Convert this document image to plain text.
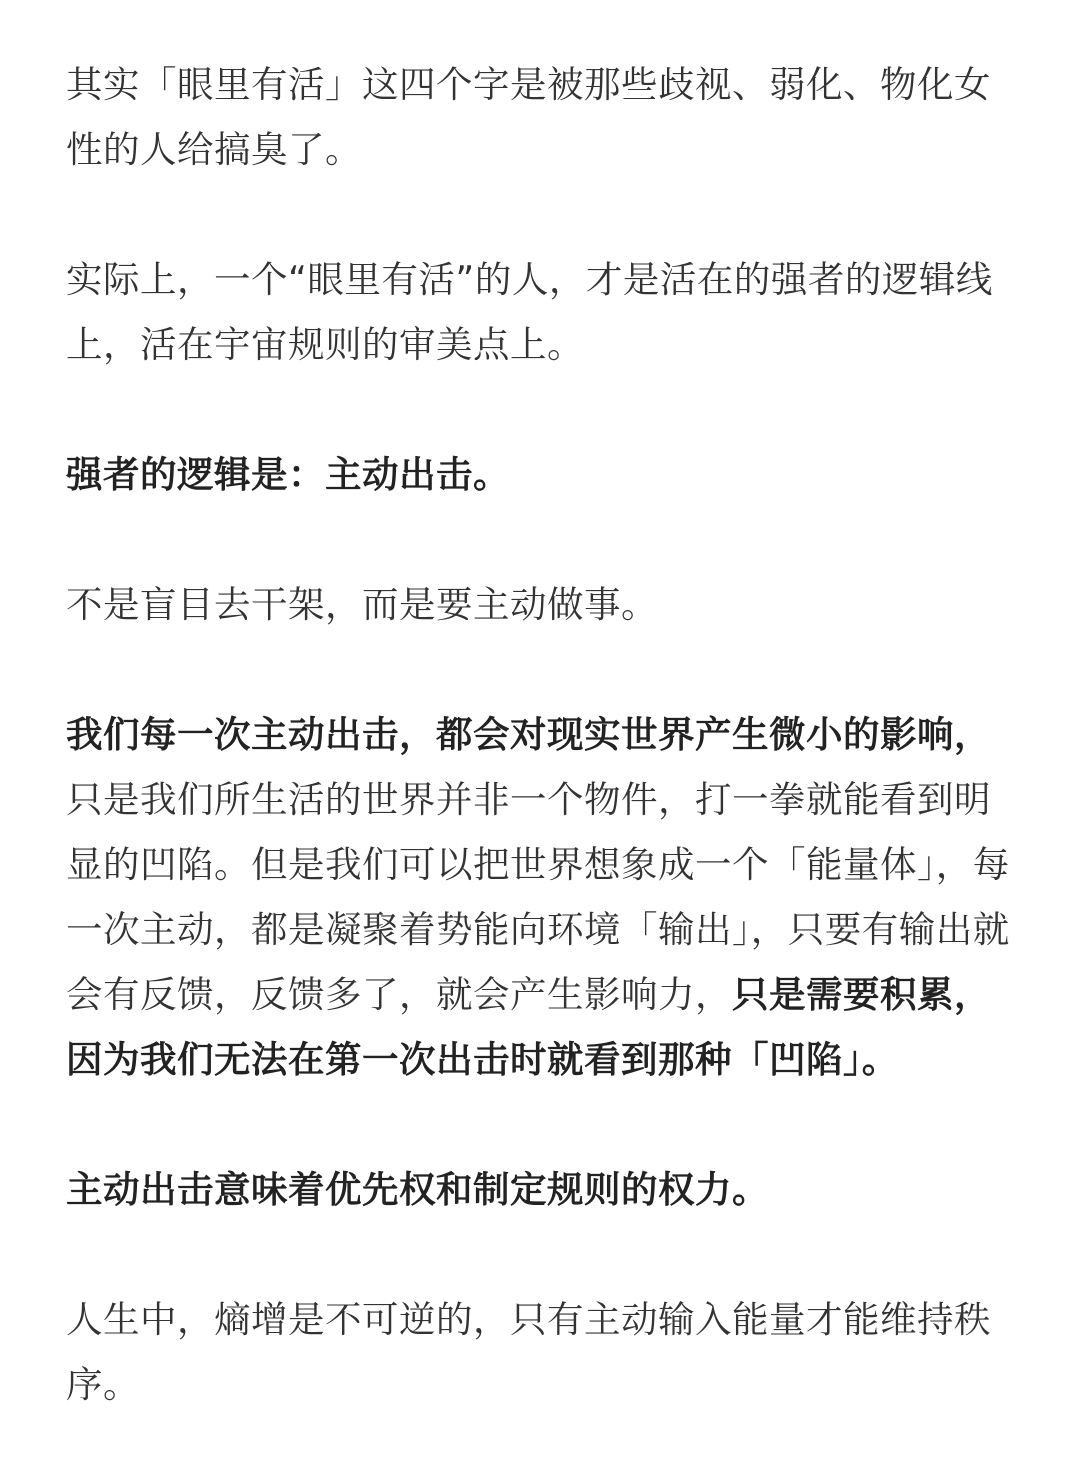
其实「眼里有活」这四个字是被那些歧视、弱化、物化女性的人给搞臭了。

实际上，一个“眼里有活”的人，才是活在的强者的逻辑线上，活在宇宙规则的审美点上。

强者的逻辑是：主动出击。

不是盲目去干架，而是要主动做事。

我们每一次主动出击，都会对现实世界产生微小的影响，只是我们所生活的世界并非一个物件，打一拳就能看到明显的凹陷。但是我们可以把世界想象成一个「能量体」，每一次主动，都是凝聚着势能向环境「输出」，只要有输出就会有反馈，反馈多了，就会产生影响力，只是需要积累，因为我们无法在第一次出击时就看到那种「凹陷」。

主动出击意味着优先权和制定规则的权力。

人生中，熵增是不可逆的，只有主动输入能量才能维持秩序。
